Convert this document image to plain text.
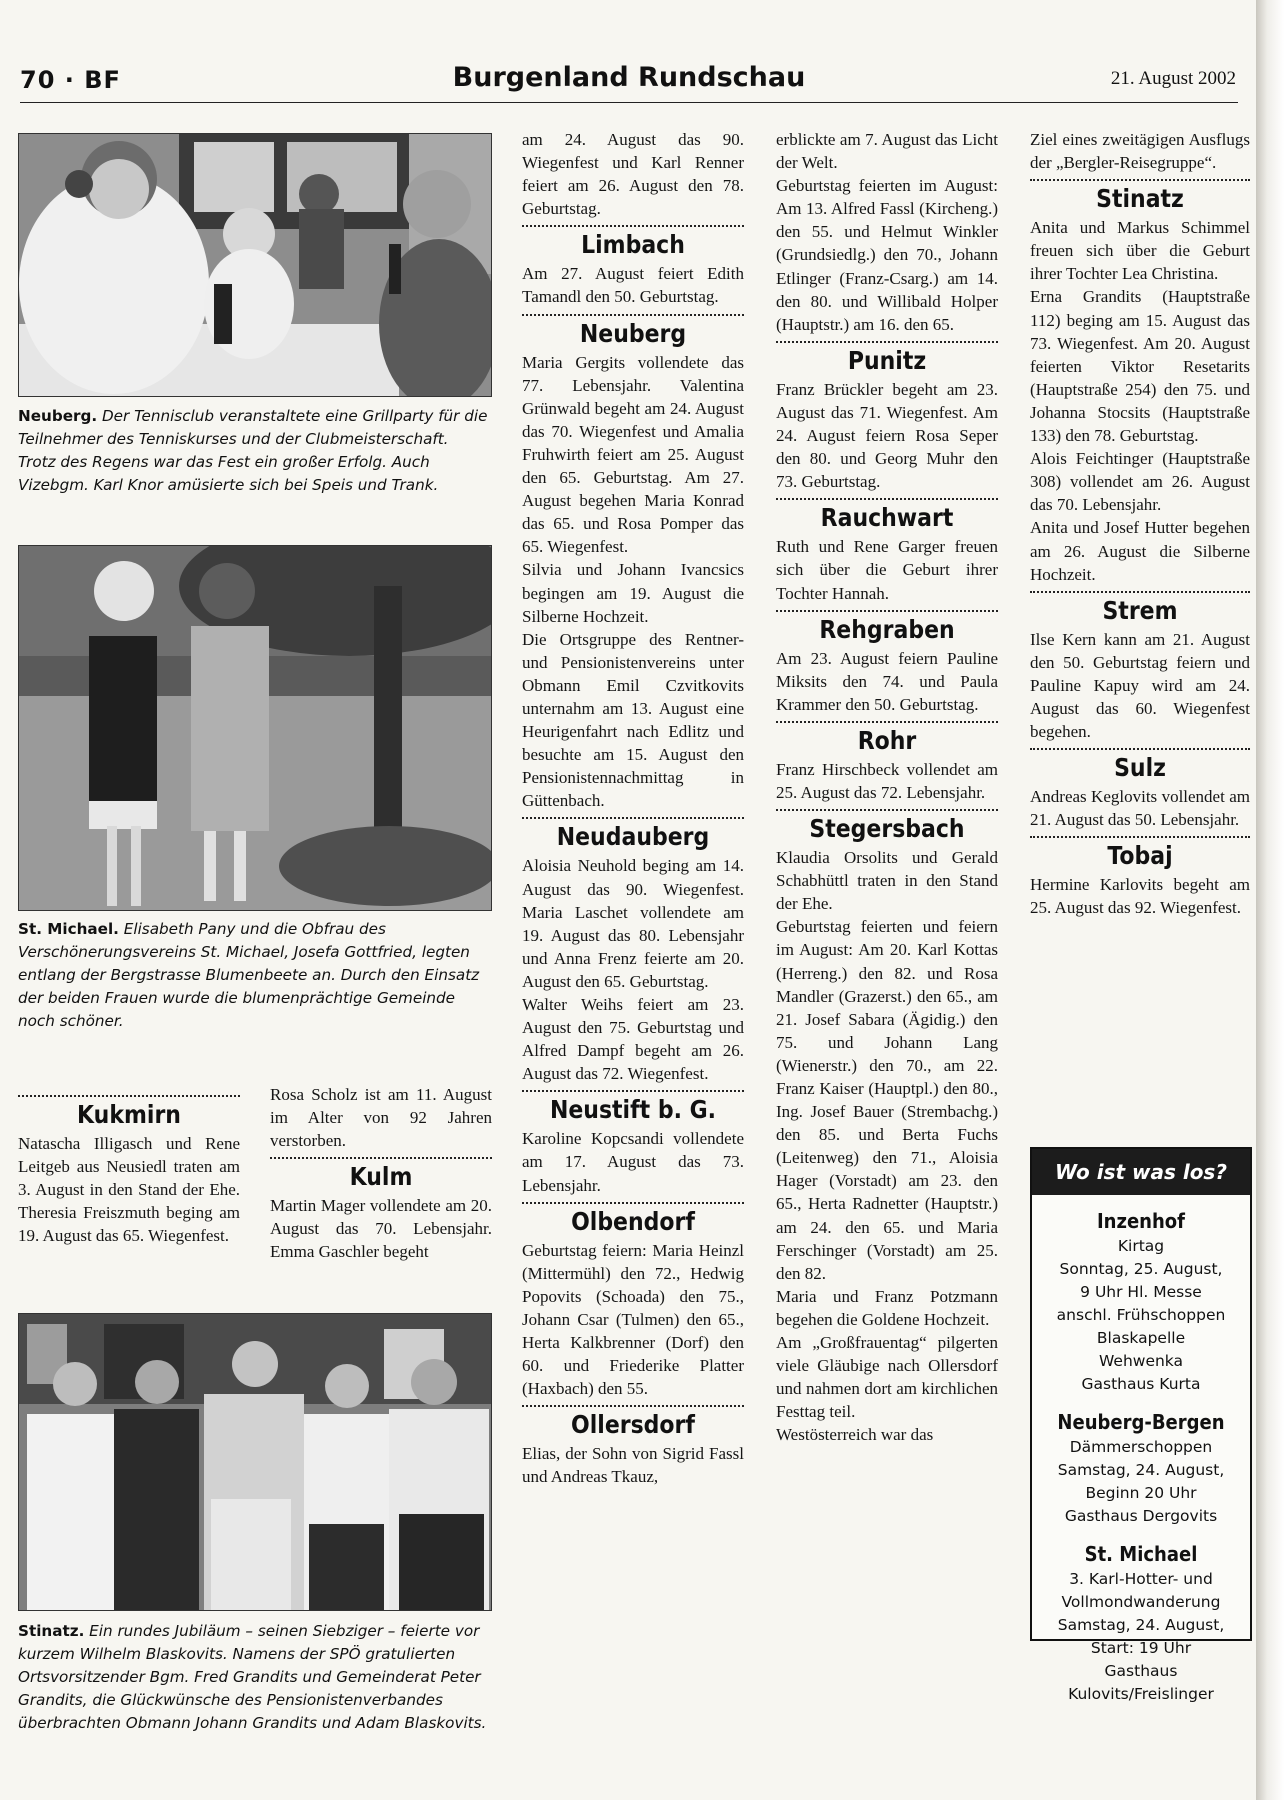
70 · BF	Burgenland Rundschau	21. August 2002

Neuberg. Der Tennisclub veranstaltete eine Grillparty für die Teilnehmer des Tenniskurses und der Clubmeisterschaft. Trotz des Regens war das Fest ein großer Erfolg. Auch Vizebgm. Karl Knor amüsierte sich bei Speis und Trank.

St. Michael. Elisabeth Pany und die Obfrau des Verschönerungsvereins St. Michael, Josefa Gottfried, legten entlang der Bergstrasse Blumenbeete an. Durch den Einsatz der beiden Frauen wurde die blumenprächtige Gemeinde noch schöner.

Kukmirn

Natascha Illigasch und Rene Leitgeb aus Neusiedl traten am 3. August in den Stand der Ehe. Theresia Freiszmuth beging am 19. August das 65. Wiegenfest.

Rosa Scholz ist am 11. August im Alter von 92 Jahren verstorben.

Kulm

Martin Mager vollendete am 20. August das 70. Lebensjahr. Emma Gaschler begeht

Stinatz. Ein rundes Jubiläum – seinen Siebziger – feierte vor kurzem Wilhelm Blaskovits. Namens der SPÖ gratulierten Ortsvorsitzender Bgm. Fred Grandits und Gemeinderat Peter Grandits, die Glückwünsche des Pensionistenverbandes überbrachten Obmann Johann Grandits und Adam Blaskovits.

am 24. August das 90. Wiegenfest und Karl Renner feiert am 26. August den 78. Geburtstag.

Limbach

Am 27. August feiert Edith Tamandl den 50. Geburtstag.

Neuberg

Maria Gergits vollendete das 77. Lebensjahr. Valentina Grünwald begeht am 24. August das 70. Wiegenfest und Amalia Fruhwirth feiert am 25. August den 65. Geburtstag. Am 27. August begehen Maria Konrad das 65. und Rosa Pomper das 65. Wiegenfest.

Silvia und Johann Ivancsics begingen am 19. August die Silberne Hochzeit.

Die Ortsgruppe des Rentner- und Pensionistenvereins unter Obmann Emil Czvitkovits unternahm am 13. August eine Heurigenfahrt nach Edlitz und besuchte am 15. August den Pensionistennachmittag in Güttenbach.

Neudauberg

Aloisia Neuhold beging am 14. August das 90. Wiegenfest. Maria Laschet vollendete am 19. August das 80. Lebensjahr und Anna Frenz feierte am 20. August den 65. Geburtstag.

Walter Weihs feiert am 23. August den 75. Geburtstag und Alfred Dampf begeht am 26. August das 72. Wiegenfest.

Neustift b. G.

Karoline Kopcsandi vollendete am 17. August das 73. Lebensjahr.

Olbendorf

Geburtstag feiern: Maria Heinzl (Mittermühl) den 72., Hedwig Popovits (Schoada) den 75., Johann Csar (Tulmen) den 65., Herta Kalkbrenner (Dorf) den 60. und Friederike Platter (Haxbach) den 55.

Ollersdorf

Elias, der Sohn von Sigrid Fassl und Andreas Tkauz,

erblickte am 7. August das Licht der Welt.

Geburtstag feierten im August: Am 13. Alfred Fassl (Kircheng.) den 55. und Helmut Winkler (Grundsiedlg.) den 70., Johann Etlinger (Franz-Csarg.) am 14. den 80. und Willibald Holper (Hauptstr.) am 16. den 65.

Punitz

Franz Brückler begeht am 23. August das 71. Wiegenfest. Am 24. August feiern Rosa Seper den 80. und Georg Muhr den 73. Geburtstag.

Rauchwart

Ruth und Rene Garger freuen sich über die Geburt ihrer Tochter Hannah.

Rehgraben

Am 23. August feiern Pauline Miksits den 74. und Paula Krammer den 50. Geburtstag.

Rohr

Franz Hirschbeck vollendet am 25. August das 72. Lebensjahr.

Stegersbach

Klaudia Orsolits und Gerald Schabhüttl traten in den Stand der Ehe.

Geburtstag feierten und feiern im August: Am 20. Karl Kottas (Herreng.) den 82. und Rosa Mandler (Grazerst.) den 65., am 21. Josef Sabara (Ägidig.) den 75. und Johann Lang (Wienerstr.) den 70., am 22. Franz Kaiser (Hauptpl.) den 80., Ing. Josef Bauer (Strembachg.) den 85. und Berta Fuchs (Leitenweg) den 71., Aloisia Hager (Vorstadt) am 23. den 65., Herta Radnetter (Hauptstr.) am 24. den 65. und Maria Ferschinger (Vorstadt) am 25. den 82.

Maria und Franz Potzmann begehen die Goldene Hochzeit.

Am „Großfrauentag“ pilgerten viele Gläubige nach Ollersdorf und nahmen dort am kirchlichen Festtag teil.

Westösterreich war das

Ziel eines zweitägigen Ausflugs der „Bergler-Reisegruppe“.

Stinatz

Anita und Markus Schimmel freuen sich über die Geburt ihrer Tochter Lea Christina.

Erna Grandits (Hauptstraße 112) beging am 15. August das 73. Wiegenfest. Am 20. August feierten Viktor Resetarits (Hauptstraße 254) den 75. und Johanna Stocsits (Hauptstraße 133) den 78. Geburtstag.

Alois Feichtinger (Hauptstraße 308) vollendet am 26. August das 70. Lebensjahr.

Anita und Josef Hutter begehen am 26. August die Silberne Hochzeit.

Strem

Ilse Kern kann am 21. August den 50. Geburtstag feiern und Pauline Kapuy wird am 24. August das 60. Wiegenfest begehen.

Sulz

Andreas Keglovits vollendet am 21. August das 50. Lebensjahr.

Tobaj

Hermine Karlovits begeht am 25. August das 92. Wiegenfest.

Wo ist was los?
Inzenhof
Kirtag
Sonntag, 25. August,
9 Uhr Hl. Messe
anschl. Frühschoppen
Blaskapelle
Wehwenka
Gasthaus Kurta
Neuberg-Bergen
Dämmerschoppen
Samstag, 24. August,
Beginn 20 Uhr
Gasthaus Dergovits
St. Michael
3. Karl-Hotter- und
Vollmondwanderung
Samstag, 24. August,
Start: 19 Uhr
Gasthaus
Kulovits/Freislinger
